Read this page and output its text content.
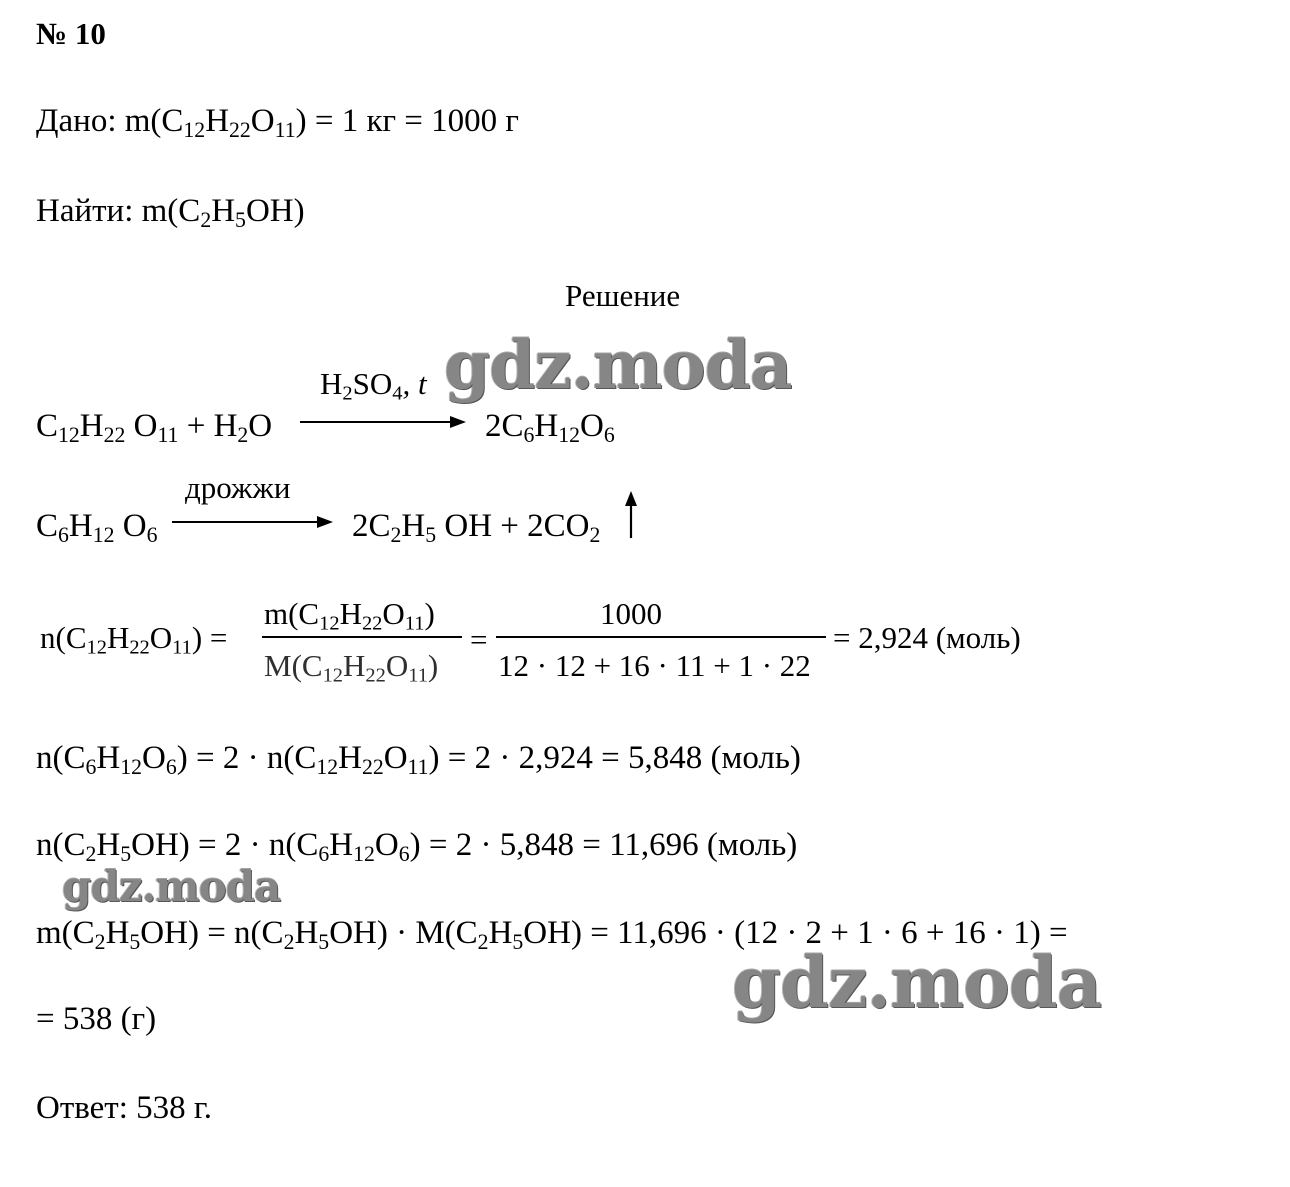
№ 10
Дано: $m(C_{12}H_{22}O_{11}) = 1$ кг = 1000 г
Найти: $m(C_2H_5OH)$
Решение
$H_2SO_4$, t
$C_{12}H_{22}$ $O_{11} + H_2O$	$2C_6H_{12}O_6$
дрожжи
$C_6H_{12}$ $O_6$	$2C_2H_5$ OH + $2CO_2$
$n(C_{12}H_{22}O_{11})$ =
$m(C_{12}H_{22}O_{11})$
$M(C_{12}H_{22}O_{11})$
=
1000
12 · 12 + 16 · 11 + 1 · 22
= 2,924 (моль)
$n(C_6H_{12}O_6) = 2 \cdot n(C_{12}H_{22}O_{11}) = 2 \cdot 2,924 = 5,848$ (моль)
$n(C_2H_5OH) = 2 \cdot n(C_6H_{12}O_6) = 2 \cdot 5,848 = 11,696$ (моль)
$m(C_2H_5OH) = n(C_2H_5OH) \cdot M(C_2H_5OH) = 11,696 \cdot (12 \cdot 2 + 1 \cdot 6 + 16 \cdot 1)$ =
= 538 (г)
Ответ: 538 г.
gdz.moda
gdz.moda
gdz.moda
